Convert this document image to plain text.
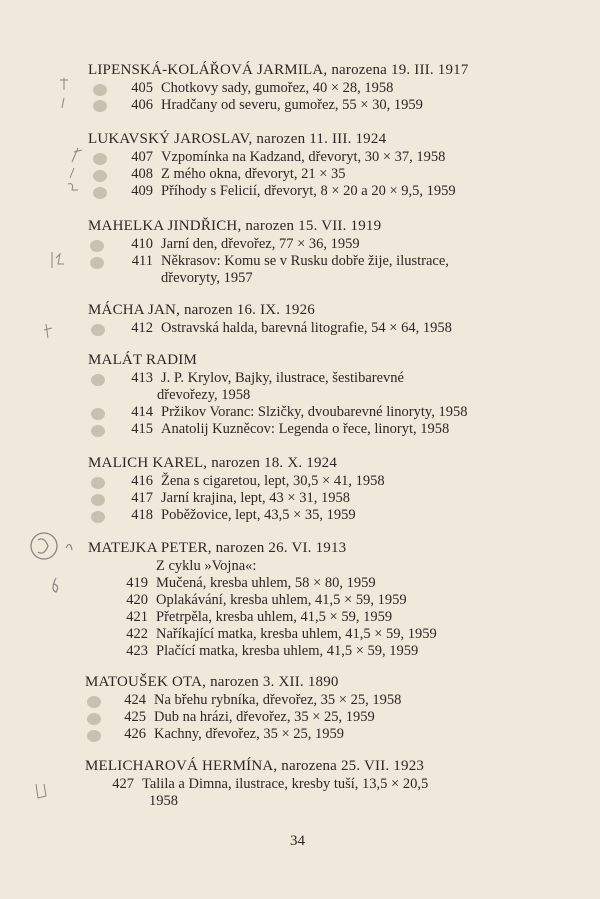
LIPENSKÁ-KOLÁŘOVÁ JARMILA, narozena 19. III. 1917
405 Chotkovy sady, gumořez, 40 × 28, 1958
406 Hradčany od severu, gumořez, 55 × 30, 1959
LUKAVSKÝ JAROSLAV, narozen 11. III. 1924
407 Vzpomínka na Kadzand, dřevoryt, 30 × 37, 1958
408 Z mého okna, dřevoryt, 21 × 35
409 Příhody s Felicií, dřevoryt, 8 × 20 a 20 × 9,5, 1959
MAHELKA JINDŘICH, narozen 15. VII. 1919
410 Jarní den, dřevořez, 77 × 36, 1959
411 Někrasov: Komu se v Rusku dobře žije, ilustrace,
dřevoryty, 1957
MÁCHA JAN, narozen 16. IX. 1926
412 Ostravská halda, barevná litografie, 54 × 64, 1958
MALÁT RADIM
413 J. P. Krylov, Bajky, ilustrace, šestibarevné
dřevořezy, 1958
414 Pržikov Voranc: Slzičky, dvoubarevné linoryty, 1958
415 Anatolij Kuzněcov: Legenda o řece, linoryt, 1958
MALICH KAREL, narozen 18. X. 1924
416 Žena s cigaretou, lept, 30,5 × 41, 1958
417 Jarní krajina, lept, 43 × 31, 1958
418 Poběžovice, lept, 43,5 × 35, 1959
MATEJKA PETER, narozen 26. VI. 1913
Z cyklu »Vojna«:
419 Mučená, kresba uhlem, 58 × 80, 1959
420 Oplakávání, kresba uhlem, 41,5 × 59, 1959
421 Přetrpěla, kresba uhlem, 41,5 × 59, 1959
422 Naříkající matka, kresba uhlem, 41,5 × 59, 1959
423 Plačící matka, kresba uhlem, 41,5 × 59, 1959
MATOUŠEK OTA, narozen 3. XII. 1890
424 Na břehu rybníka, dřevořez, 35 × 25, 1958
425 Dub na hrázi, dřevořez, 35 × 25, 1959
426 Kachny, dřevořez, 35 × 25, 1959
MELICHAROVÁ HERMÍNA, narozena 25. VII. 1923
427 Talila a Dimna, ilustrace, kresby tuší, 13,5 × 20,5
1958
34
